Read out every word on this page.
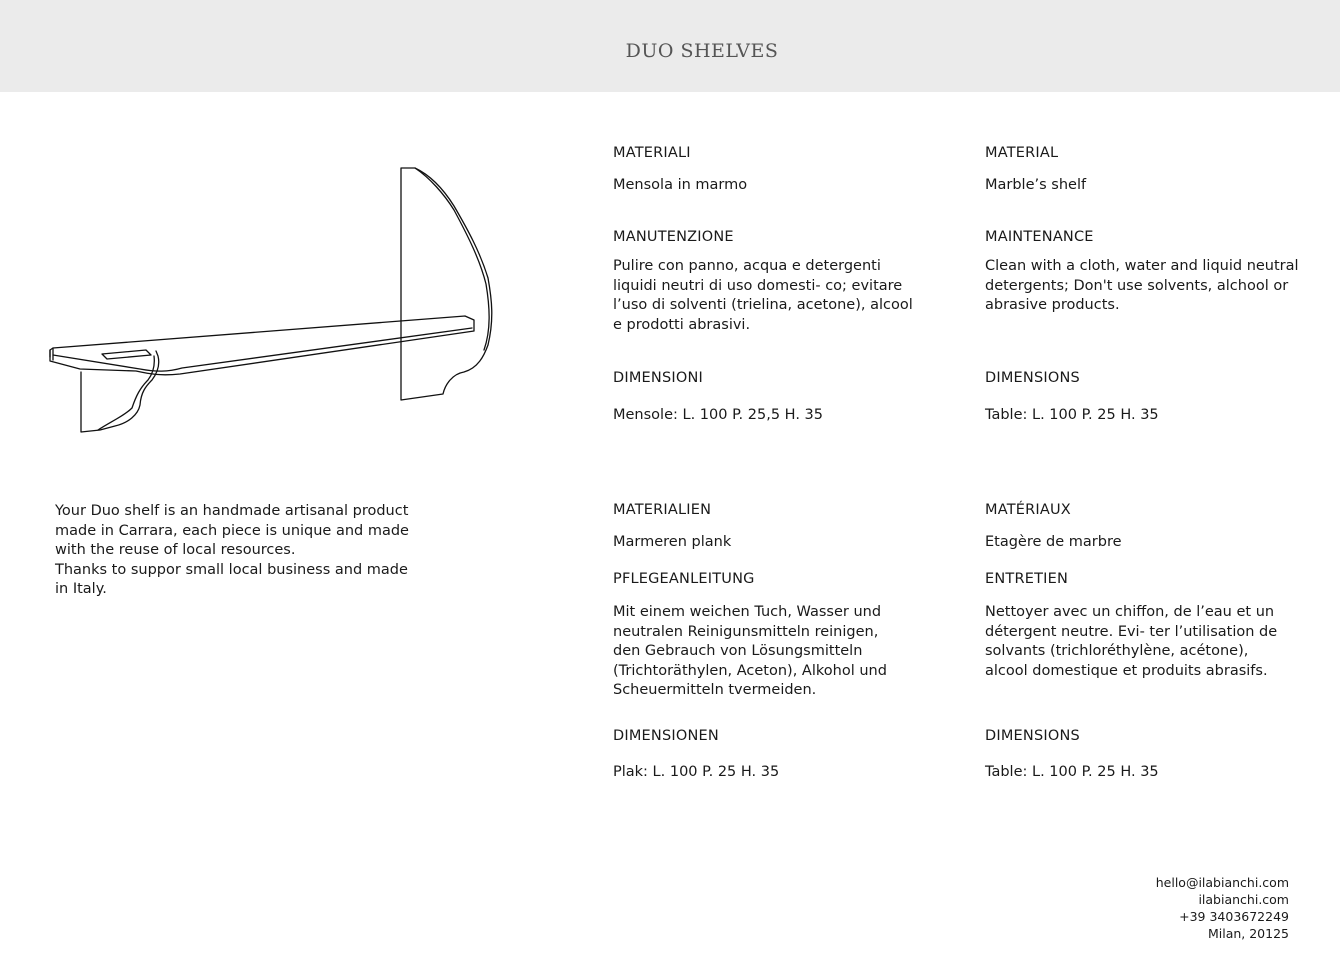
DUO SHELVES

Your Duo shelf is an handmade artisanal product
made in Carrara, each piece is unique and made
with the reuse of local resources.
Thanks to suppor small local business and made
in Italy.

MATERIALI
Mensola in marmo
MANUTENZIONE
Pulire con panno, acqua e detergenti liquidi neutri di uso domesti- co; evitare l’uso di solventi (trielina, acetone), alcool e prodotti abrasivi.
DIMENSIONI
Mensole: L. 100 P. 25,5 H. 35
MATERIAL
Marble’s shelf
MAINTENANCE
Clean with a cloth, water and liquid neutral detergents; Don't use solvents, alchool or abrasive products.
DIMENSIONS
Table: L. 100 P. 25 H. 35
MATERIALIEN
Marmeren plank
PFLEGEANLEITUNG
Mit einem weichen Tuch, Wasser und neutralen Reinigunsmitteln reinigen, den Gebrauch von Lösungsmitteln (Trichtoräthylen, Aceton), Alkohol und Scheuermitteln tvermeiden.
DIMENSIONEN
Plak: L. 100 P. 25 H. 35
MATÉRIAUX
Etagère de marbre
ENTRETIEN
Nettoyer avec un chiffon, de l’eau et un détergent neutre. Evi- ter l’utilisation de solvants (trichloréthylène, acétone), alcool domestique et produits abrasifs.
DIMENSIONS
Table: L. 100 P. 25 H. 35
hello@ilabianchi.com
ilabianchi.com
+39 3403672249
Milan, 20125
